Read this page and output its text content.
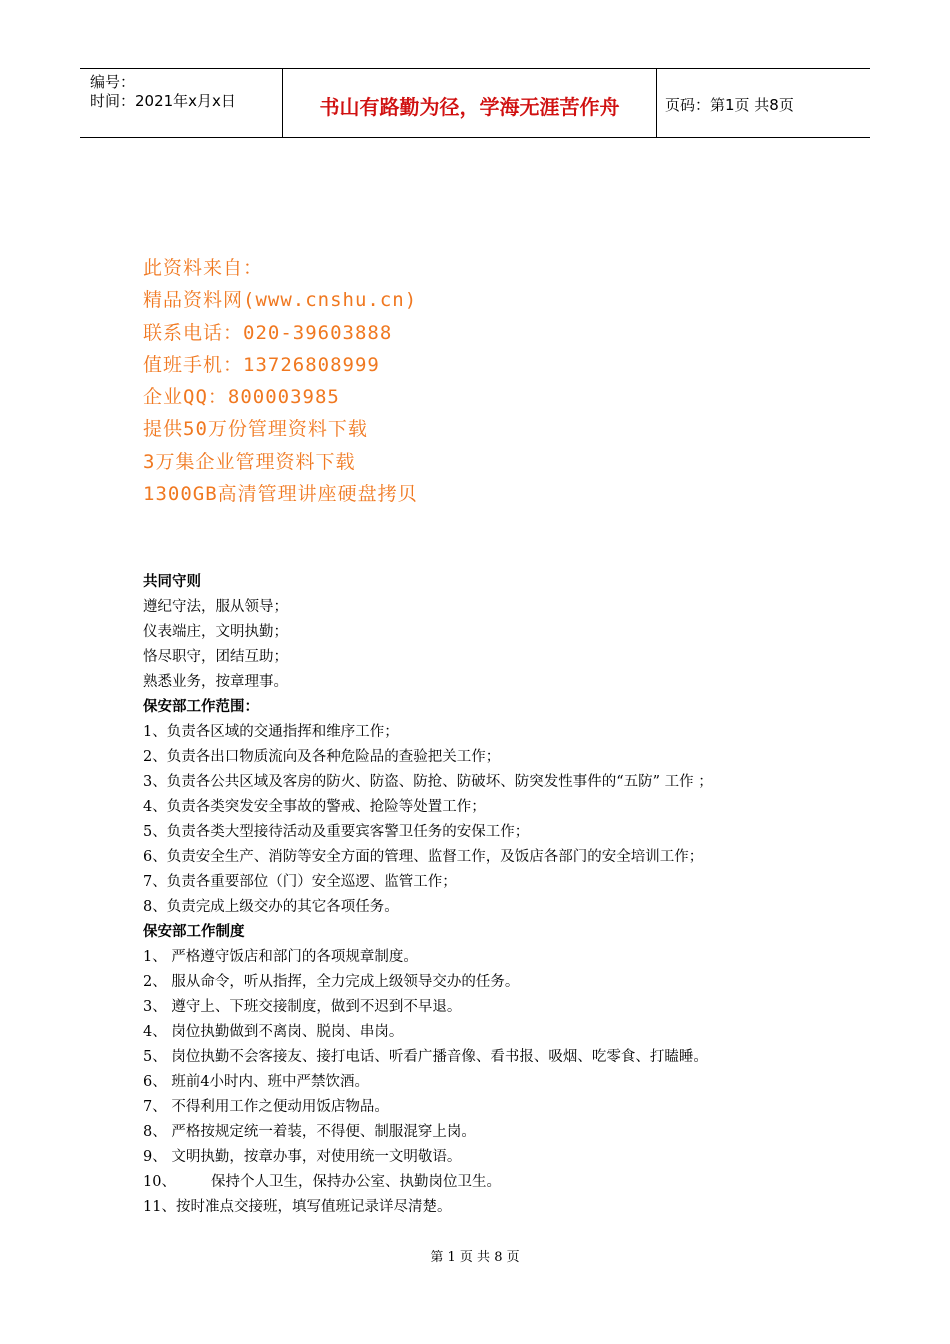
编号：
时间：2021年x月x日	书山有路勤为径，学海无涯苦作舟	页码：第1页 共8页
此资料来自：
精品资料网(www.cnshu.cn)
联系电话：020-39603888
值班手机：13726808999
企业QQ：800003985
提供50万份管理资料下载
3万集企业管理资料下载
1300GB高清管理讲座硬盘拷贝
共同守则
遵纪守法，服从领导；
仪表端庄，文明执勤；
恪尽职守，团结互助；
熟悉业务，按章理事。
保安部工作范围：
1、负责各区域的交通指挥和维序工作；
2、负责各出口物质流向及各种危险品的查验把关工作；
3、负责各公共区域及客房的防火、防盗、防抢、防破坏、防突发性事件的“五防” 工作 ；
4、负责各类突发安全事故的警戒、抢险等处置工作；
5、负责各类大型接待活动及重要宾客警卫任务的安保工作；
6、负责安全生产、消防等安全方面的管理、监督工作，及饭店各部门的安全培训工作；
7、负责各重要部位（门）安全巡逻、监管工作；
8、负责完成上级交办的其它各项任务。
保安部工作制度
1、 严格遵守饭店和部门的各项规章制度。
2、 服从命令，听从指挥，全力完成上级领导交办的任务。
3、 遵守上、下班交接制度，做到不迟到不早退。
4、 岗位执勤做到不离岗、脱岗、串岗。
5、 岗位执勤不会客接友、接打电话、听看广播音像、看书报、吸烟、吃零食、打瞌睡。
6、 班前4小时内、班中严禁饮酒。
7、 不得利用工作之便动用饭店物品。
8、 严格按规定统一着装，不得便、制服混穿上岗。
9、 文明执勤，按章办事，对使用统一文明敬语。
10、 保持个人卫生，保持办公室、执勤岗位卫生。
11、按时准点交接班，填写值班记录详尽清楚。
第 1 页 共 8 页
